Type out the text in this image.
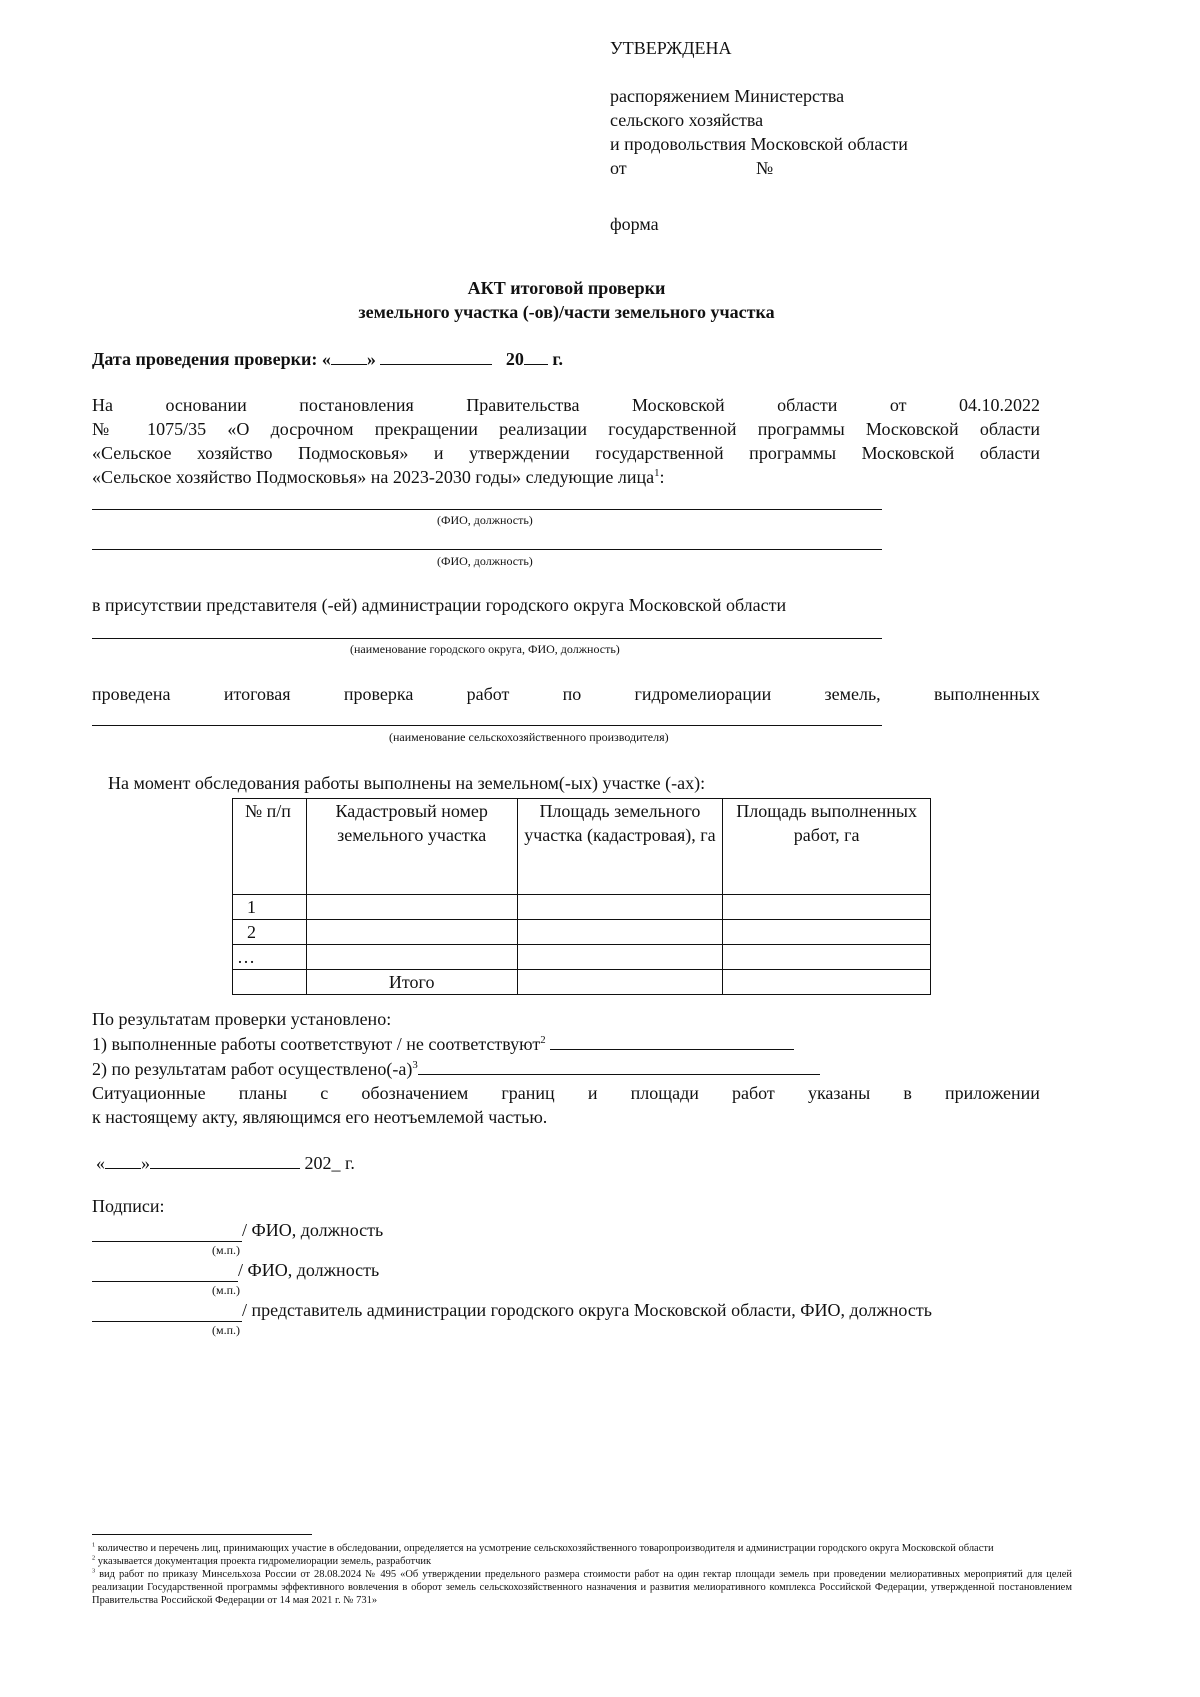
УТВЕРЖДЕНА
распоряжением Министерства
сельского хозяйства
и продовольствия Московской области
от	№
форма
АКТ итоговой проверки
земельного участка (-ов)/части земельного участка
Дата проведения проверки: « »	20 г.
На	основании	постановления	Правительства	Московской	области	от	04.10.2022
№ 1075/35 «О досрочном прекращении реализации государственной программы Московской области
«Сельское хозяйство Подмосковья» и утверждении государственной программы Московской области
«Сельское хозяйство Подмосковья» на 2023-2030 годы» следующие лица$^1$:
(ФИО, должность)
(ФИО, должность)
в присутствии представителя (-ей) администрации городского округа Московской области
(наименование городского округа, ФИО, должность)
проведена	итоговая	проверка	работ	по	гидромелиорации	земель,	выполненных
(наименование сельскохозяйственного производителя)
На момент обследования работы выполнены на земельном(-ых) участке (-ах):
№ п/п	Кадастровый номер земельного участка	Площадь земельного участка (кадастровая), га	Площадь выполненных работ, га
1			
2			
…			
	Итого		
По результатам проверки установлено:
1) выполненные работы соответствуют / не соответствуют$^2$
2) по результатам работ $осуществлено(-а)^3$
Ситуационные планы с обозначением границ и площади работ указаны в приложении
к настоящему акту, являющимся его неотъемлемой частью.
« »	202_ г.
Подписи:
/ ФИО, должность
(м.п.)
/ ФИО, должность
(м.п.)
/ представитель администрации городского округа Московской области, ФИО, должность
(м.п.)

$^1$ количество и перечень лиц, принимающих участие в обследовании, определяется на усмотрение сельскохозяйственного товаропроизводителя и администрации городского округа Московской области

$^2$ указывается документация проекта гидромелиорации земель, разработчик

$^3$ вид работ по приказу Минсельхоза России от 28.08.2024 № 495 «Об утверждении предельного размера стоимости работ на один гектар площади земель при проведении мелиоративных мероприятий для целей реализации Государственной программы эффективного вовлечения в оборот земель сельскохозяйственного назначения и развития мелиоративного комплекса Российской Федерации, утвержденной постановлением Правительства Российской Федерации от 14 мая 2021 г. № 731»
